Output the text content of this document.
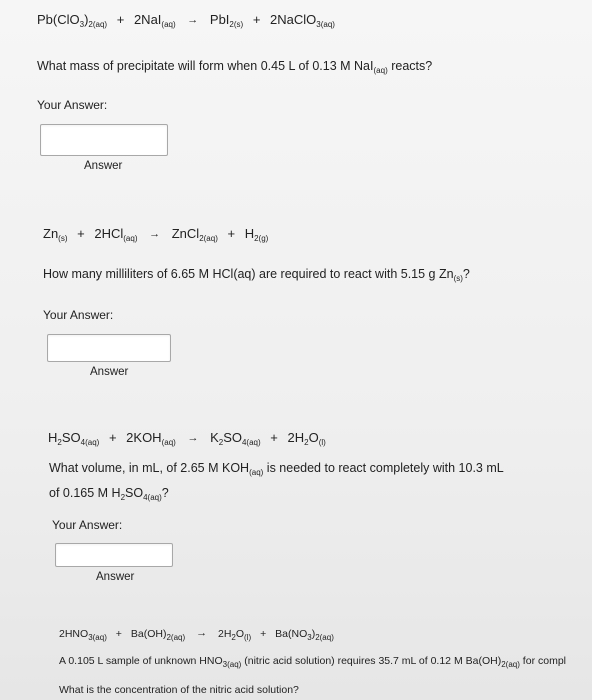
$Pb(ClO_3)_{2(aq)} + 2NaI_{(aq)} \to PbI_{2(s)}$ + 2NaClO$_{3(aq)}$
What mass of precipitate will form when 0.45 L of 0.13 M NaI$_{(aq)}$ reacts?
Your Answer:
Answer
$Zn_{(s)} + 2HCl_{(aq)}$ → ZnCl$_{2(aq)}$ + $H_{2(g)}$
How many milliliters of 6.65 M HCl(aq) are required to react with 5.15 g $Zn_{(s)}$?
Your Answer:
Answer
$H_2SO_{4(aq)} + 2KOH_{(aq)} \to K_2SO_{4(aq)} + 2H_2O_{(l)}$
What volume, in mL, of 2.65 M $KOH_{(aq)}$ is needed to react completely with 10.3 mL
of 0.165 M $H_2SO_{4(aq)}$?
Your Answer:
Answer
$2HNO_{3(aq)} + Ba(OH)_{2(aq)} \to 2H_2O_{(l)} + Ba(NO_3)_{2(aq)}$
A 0.105 L sample of unknown $HNO_{3(aq)}$ (nitric acid solution) requires 35.7 mL of 0.12 M $Ba(OH)_{2(aq)}$ for compl
What is the concentration of the nitric acid solution?
